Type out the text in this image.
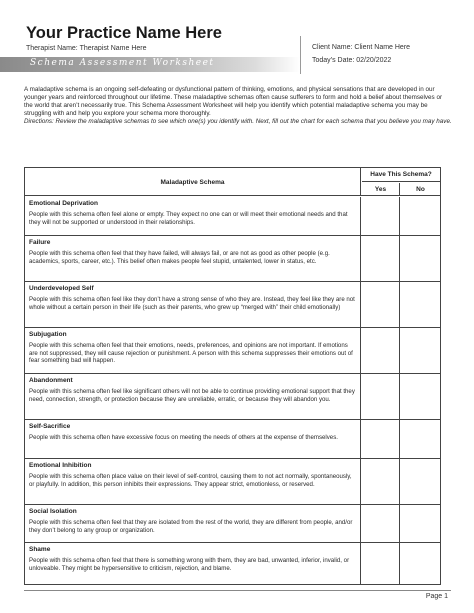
Your Practice Name Here
Therapist Name: Therapist Name Here	Client Name: Client Name Here
Today’s Date: 02/20/2022
Schema Assessment Worksheet

A maladaptive schema is an ongoing self-defeating or dysfunctional pattern of thinking, emotions, and physical sensations that are developed in our younger years and reinforced throughout our lifetime. These maladaptive schemas often cause sufferers to form and hold a belief about themselves or the world that aren’t necessarily true. This Schema Assessment Worksheet will help you identify which potential maladaptive schema you may be struggling with and help you explore your schema more thoroughly.

Directions: Review the maladaptive schemas to see which one(s) you identify with. Next, fill out the chart for each schema that you believe you may have.

Maladaptive Schema
Have This Schema?
Yes	No
Emotional Deprivation
People with this schema often feel alone or empty. They expect no one can or will meet their emotional needs and that they will not be supported or understood in their relationships.
Failure
People with this schema often feel that they have failed, will always fail, or are not as good as other people (e.g. academics, sports, career, etc.). This belief often makes people feel stupid, untalented, lower in status, etc.
Underdeveloped Self
People with this schema often feel like they don’t have a strong sense of who they are. Instead, they feel like they are not whole without a certain person in their life (such as their parents, who grew up “merged with” their child emotionally)
Subjugation
People with this schema often feel that their emotions, needs, preferences, and opinions are not important. If emotions are not suppressed, they will cause rejection or punishment. A person with this schema suppresses their emotions out of fear something bad will happen.
Abandonment
People with this schema often feel like significant others will not be able to continue providing emotional support that they need, connection, strength, or protection because they are unreliable, erratic, or because they will abandon you.
Self-Sacrifice
People with this schema often have excessive focus on meeting the needs of others at the expense of themselves.
Emotional Inhibition
People with this schema often place value on their level of self-control, causing them to not act normally, spontaneously, or playfully. In addition, this person inhibits their expressions. They appear strict, emotionless, or reserved.
Social Isolation
People with this schema often feel that they are isolated from the rest of the world, they are different from people, and/or they don’t belong to any group or organization.
Shame
People with this schema often feel that there is something wrong with them, they are bad, unwanted, inferior, invalid, or unloveable. They might be hypersensitive to criticism, rejection, and blame.
Page 1
